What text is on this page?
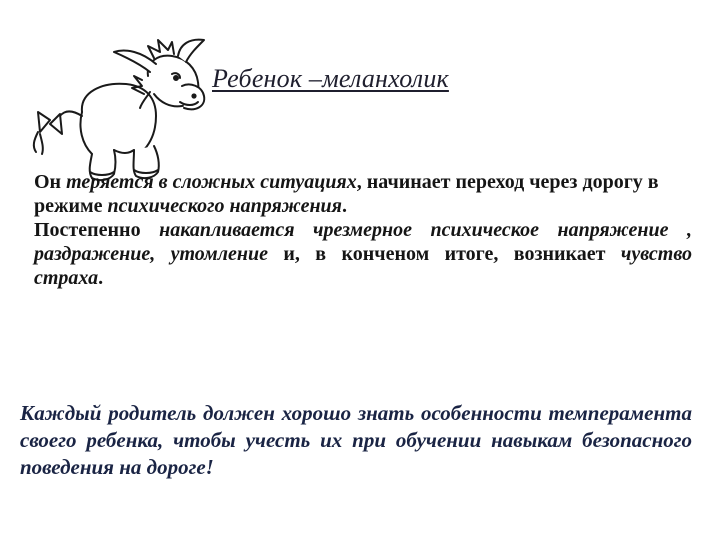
Ребенок –меланхолик

Он теряется в сложных ситуациях, начинает переход через дорогу в режиме психического напряжения.

Постепенно накапливается чрезмерное психическое напряжение , раздражение, утомление и, в конченом итоге, возникает чувство страха.

Каждый родитель должен хорошо знать особенности темперамента своего ребенка, чтобы учесть их при обучении навыкам безопасного поведения на дороге!
